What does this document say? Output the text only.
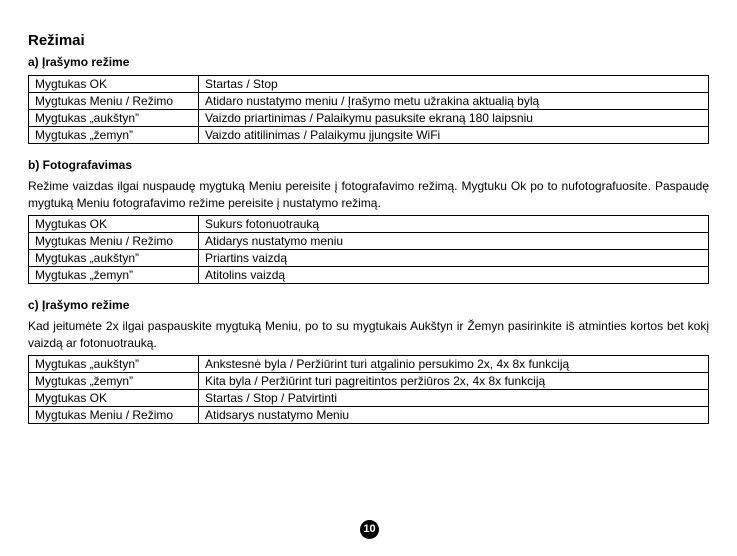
Režimai
a) Įrašymo režime
Mygtukas OK	Startas / Stop
Mygtukas Meniu / Režimo	Atidaro nustatymo meniu / Įrašymo metu užrakina aktualią bylą
Mygtukas „aukštyn”	Vaizdo priartinimas / Palaikymu pasuksite ekraną 180 laipsniu
Mygtukas „žemyn”	Vaizdo atitilinimas / Palaikymu įjungsite WiFi
b) Fotografavimas
Režime vaizdas ilgai nuspaudę mygtuką Meniu pereisite į fotografavimo režimą. Mygtuku Ok po to nufotografuosite. Paspaudę mygtuką Meniu fotografavimo režime pereisite į nustatymo režimą.
Mygtukas OK	Sukurs fotonuotrauką
Mygtukas Meniu / Režimo	Atidarys nustatymo meniu
Mygtukas „aukštyn”	Priartins vaizdą
Mygtukas „žemyn”	Atitolins vaizdą
c) Įrašymo režime
Kad jeitumėte 2x ilgai paspauskite mygtuką Meniu, po to su mygtukais Aukštyn ir Žemyn pasirinkite iš atminties kortos bet kokį vaizdą ar fotonuotrauką.
Mygtukas „aukštyn”	Ankstesnė byla / Peržiūrint turi atgalinio persukimo 2x, 4x 8x funkciją
Mygtukas „žemyn”	Kita byla / Peržiūrint turi pagreitintos peržiūros 2x, 4x 8x funkciją
Mygtukas OK	Startas / Stop / Patvirtinti
Mygtukas Meniu / Režimo	Atidsarys nustatymo Meniu
10
